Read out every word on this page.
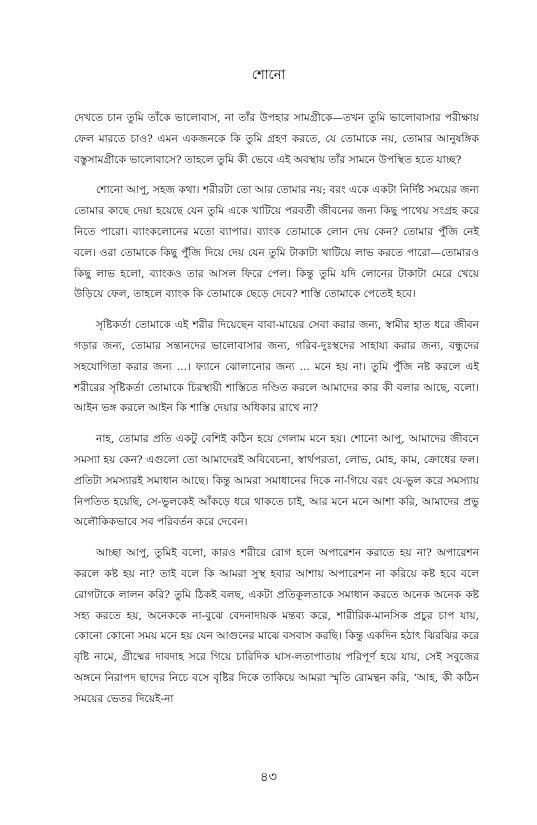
শোনো

দেখতে চান তুমি তাঁকে ভালোবাস, না তাঁর উপহার সামগ্রীকে—তখন তুমি ভালোবাসার পরীক্ষায় ফেল মারতে চাও? এমন একজনকে কি তুমি গ্রহণ করতে, যে তোমাকে নয়, তোমার আনুষঙ্গিক বস্তুসামগ্রীকে ভালোবাসে? তাহলে তুমি কী ভেবে এই অবস্থায় তাঁর সামনে উপস্থিত হতে যাচ্ছ?

শোনো আপু, সহজ কথা। শরীরটা তো আর তোমার নয়; বরং একে একটা নির্দিষ্ট সময়ের জন্য তোমার কাছে দেয়া হয়েছে যেন তুমি একে খাটিয়ে পরবর্তী জীবনের জন্য কিছু পাথেয় সংগ্রহ করে নিতে পারো। ব্যাংকলোনের মতো ব্যাপার। ব্যাংক তোমাকে লোন দেয় কেন? তোমার পুঁজি নেই বলে। ওরা তোমাকে কিছু পুঁজি দিয়ে দেয় যেন তুমি টাকাটা খাটিয়ে লাভ করতে পারো—তোমারও কিছু লাভ হলো, ব্যাংকও তার আসল ফিরে পেল। কিন্তু তুমি যদি লোনের টাকাটা মেরে খেয়ে উড়িয়ে ফেল, তাহলে ব্যাংক কি তোমাকে ছেড়ে দেবে? শাস্তি তোমাকে পেতেই হবে।

সৃষ্টিকর্তা তোমাকে এই শরীর দিয়েছেন বাবা-মায়ের সেবা করার জন্য, স্বামীর হাত ধরে জীবন গড়ার জন্য, তোমার সন্তানদের ভালোবাসার জন্য, গরিব-দুঃস্থদের সাহায্য করার জন্য, বন্ধুদের সহযোগিতা করার জন্য ...। ফ্যানে ঝোলানোর জন্য ... মনে হয় না। তুমি পুঁজি নষ্ট করলে এই শরীরের সৃষ্টিকর্তা তোমাকে চিরস্থায়ী শাস্তিতে দণ্ডিত করলে আমাদের কার কী বলার আছে, বলো। আইন ভঙ্গ করলে আইন কি শাস্তি দেয়ার অধিকার রাখে না?

নাহ, তোমার প্রতি একটু বেশিই কঠিন হয়ে গেলাম মনে হয়। শোনো আপু, আমাদের জীবনে সমস্যা হয় কেন? এগুলো তো আমাদেরই অবিবেচনা, স্বার্থপরতা, লোভ, মোহ, কাম, ক্রোধের ফল। প্রতিটা সমস্যারই সমাধান আছে। কিন্তু আমরা সমাধানের দিকে না-গিয়ে বরং যে-ভুল করে সমস্যায় নিপতিত হয়েছি, সে-ভুলকেই আঁকড়ে ধরে থাকতে চাই, আর মনে মনে আশা করি, আমাদের প্রভু অলৌকিকভাবে সব পরিবর্তন করে দেবেন।

আচ্ছা আপু, তুমিই বলো, কারও শরীরে রোগ হলে অপারেশন করাতে হয় না? অপারেশন করলে কষ্ট হয় না? তাই বলে কি আমরা সুস্থ হবার আশায় অপারেশন না করিয়ে কষ্ট হবে বলে রোগটাকে লালন করি? তুমি ঠিকই বলছ, একটা প্রতিকূলতাকে সমাধান করতে অনেক অনেক কষ্ট সহ্য করতে হয়, অনেককে না-বুঝে বেদনাদায়ক মন্তব্য করে, শারীরিক-মানসিক প্রচুর চাপ যায়, কোনো কোনো সময় মনে হয় যেন আগুনের মাঝে বসবাস করছি। কিন্তু একদিন হঠাৎ ঝিরঝির করে বৃষ্টি নামে, গ্রীষ্মের দাবদাহ সরে গিয়ে চারিদিক ঘাস-লতাপাতায় পরিপূর্ণ হয়ে যায়, সেই সবুজের অঙ্গনে নিরাপদ ছাদের নিচে বসে বৃষ্টির দিকে তাকিয়ে আমরা স্মৃতি রোমন্থন করি, ‘আহ, কী কঠিন সময়ের ভেতর দিয়েই-না

৪৩
